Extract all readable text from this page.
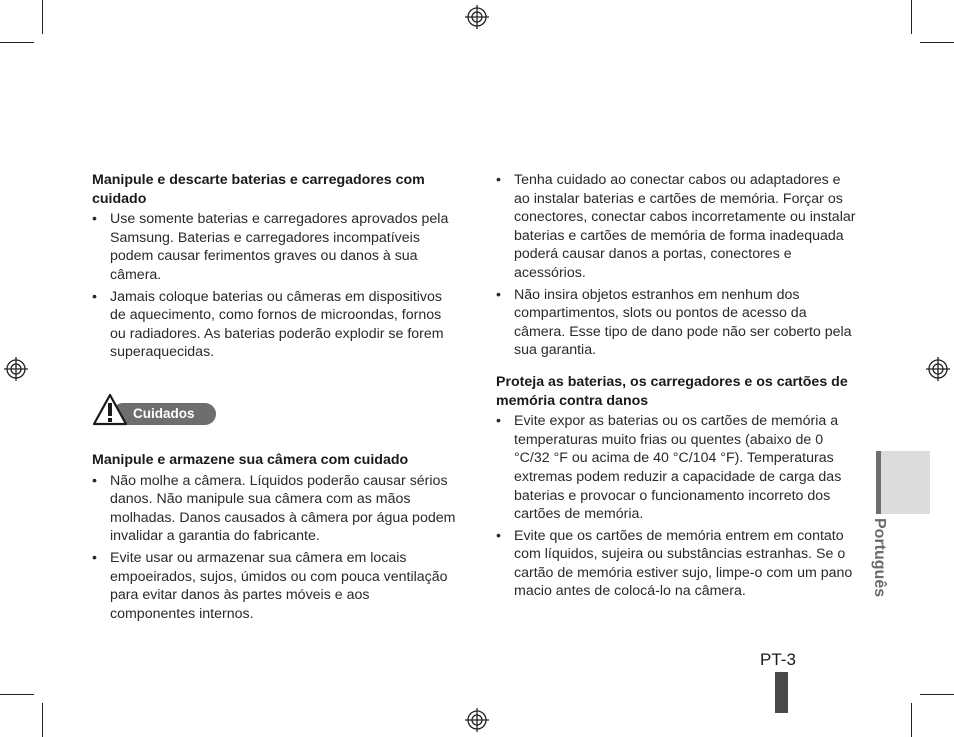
Manipule e descarte baterias e carregadores com cuidado
• Use somente baterias e carregadores aprovados pela Samsung. Baterias e carregadores incompatíveis podem causar ferimentos graves ou danos à sua câmera.
• Jamais coloque baterias ou câmeras em dispositivos de aquecimento, como fornos de microondas, fornos ou radiadores. As baterias poderão explodir se forem superaquecidas.
Cuidados
Manipule e armazene sua câmera com cuidado
• Não molhe a câmera. Líquidos poderão causar sérios danos. Não manipule sua câmera com as mãos molhadas. Danos causados à câmera por água podem invalidar a garantia do fabricante.
• Evite usar ou armazenar sua câmera em locais empoeirados, sujos, úmidos ou com pouca ventilação para evitar danos às partes móveis e aos componentes internos.
• Tenha cuidado ao conectar cabos ou adaptadores e ao instalar baterias e cartões de memória. Forçar os conectores, conectar cabos incorretamente ou instalar baterias e cartões de memória de forma inadequada poderá causar danos a portas, conectores e acessórios.
• Não insira objetos estranhos em nenhum dos compartimentos, slots ou pontos de acesso da câmera. Esse tipo de dano pode não ser coberto pela sua garantia.
Proteja as baterias, os carregadores e os cartões de memória contra danos
• Evite expor as baterias ou os cartões de memória a temperaturas muito frias ou quentes (abaixo de 0 °C/32 °F ou acima de 40 °C/104 °F). Temperaturas extremas podem reduzir a capacidade de carga das baterias e provocar o funcionamento incorreto dos cartões de memória.
• Evite que os cartões de memória entrem em contato com líquidos, sujeira ou substâncias estranhas. Se o cartão de memória estiver sujo, limpe-o com um pano macio antes de colocá-lo na câmera.	Português
PT-3
